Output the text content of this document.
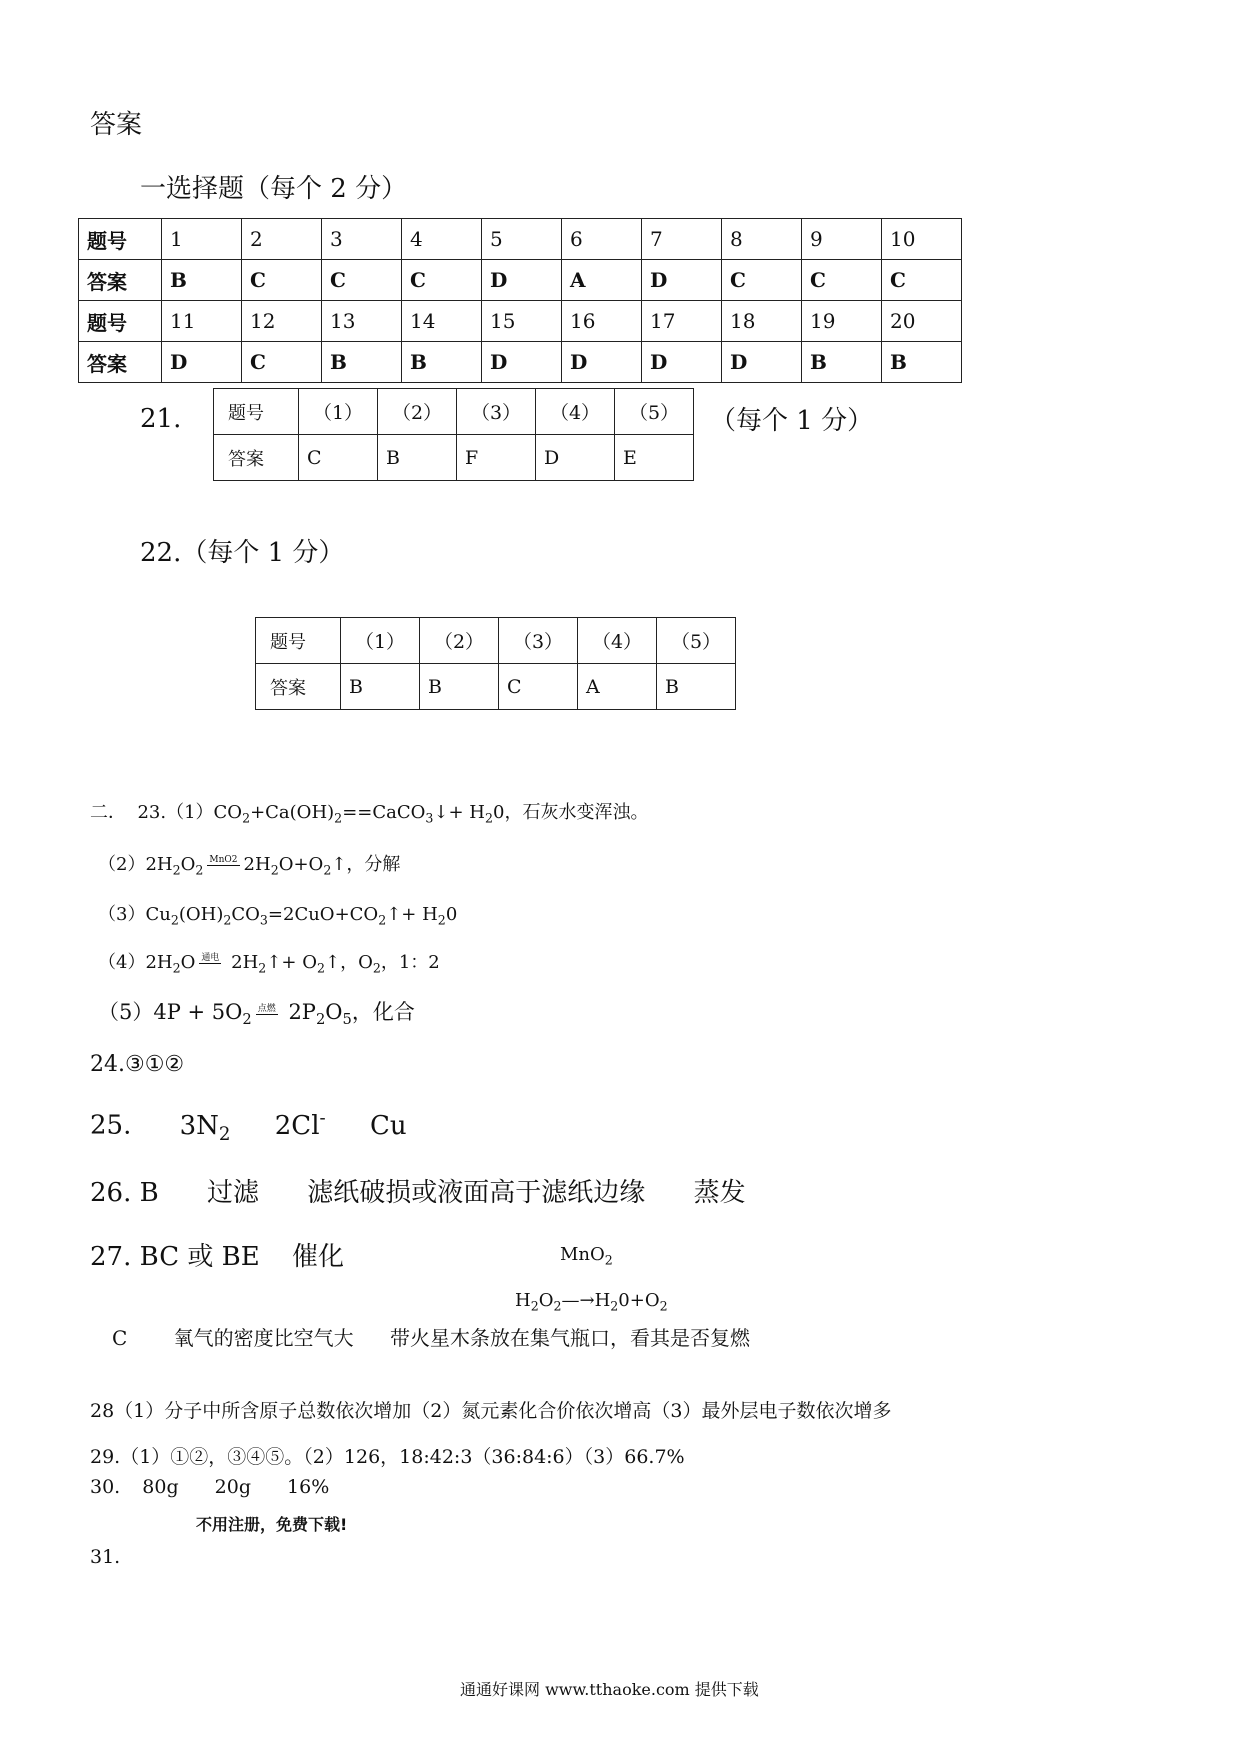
答案
一选择题（每个 2 分）
题号	1	2	3	4	5	6	7	8	9	10
答案	B	C	C	C	D	A	D	C	C	C
题号	11	12	13	14	15	16	17	18	19	20
答案	D	C	B	B	D	D	D	D	B	B
21.	题号	（1）	（2）	（3）	（4）	（5）
答案	C	B	F	D	E
（每个 1 分）
22.（每个 1 分）
题号	（1）	（2）	（3）	（4）	（5）
答案	B	B	C	A	B
二． $23.(1)CO_2+Ca(OH)_2==CaCO_3↓+ H_20$，石灰水变浑浊。
$(2)2H_2O_2MnO2$ $2H_2O+O_2↑$，分解
$(3)Cu_2(OH)_2CO_3=2CuO+CO_2↑+ H_20$
$(4)2H_2O$ 通电 $2H_2↑+$ $O_2↑$，$O_2$，1：2
$(5)4P + 5O_2$点燃 $2P_2O_5$，化合
24.③①②
25. $3N_2$ 2Cl- Cu
26. B 过滤 滤纸破损或液面高于滤纸边缘 蒸发
27. BC 或 BE 催化	MnO$_2$
$H_2O_2—\to H_20+O_2$
C 氧气的密度比空气大 带火星木条放在集气瓶口，看其是否复燃
28（1）分子中所含原子总数依次增加（2）氮元素化合价依次增高（3）最外层电子数依次增多
29.（1）①②，③④⑤。（2）126，18:42:3（36:84:6）（3）66.7%
30. 80g 20g 16%
不用注册，免费下载!
31.
通通好课网 www.tthaoke.com 提供下载
